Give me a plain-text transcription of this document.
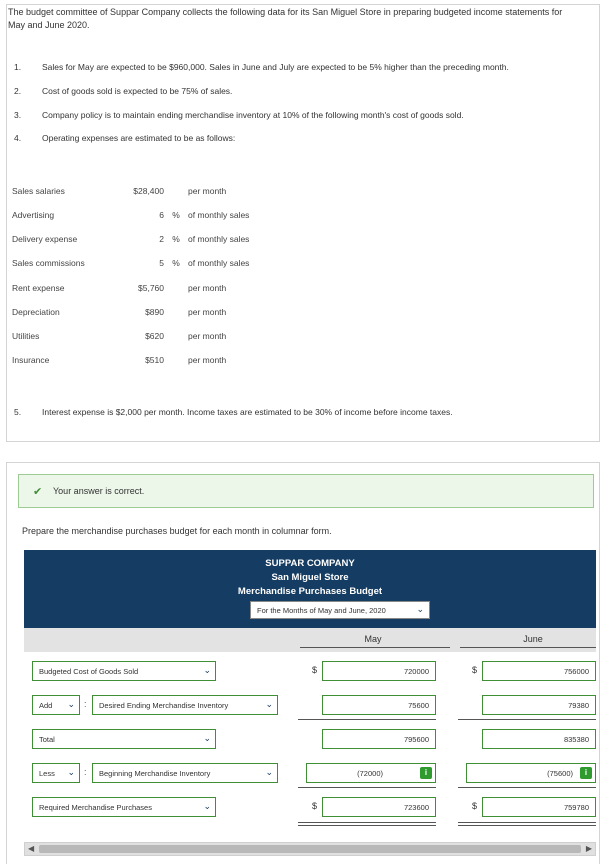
The budget committee of Suppar Company collects the following data for its San Miguel Store in preparing budgeted income statements for May and June 2020.
1.	Sales for May are expected to be $960,000. Sales in June and July are expected to be 5% higher than the preceding month.
2.	Cost of goods sold is expected to be 75% of sales.
3.	Company policy is to maintain ending merchandise inventory at 10% of the following month's cost of goods sold.
4.	Operating expenses are estimated to be as follows:
Sales salaries	$28,400	per month
Advertising	6 % of monthly sales
Delivery expense	2 % of monthly sales
Sales commissions	5 % of monthly sales
Rent expense	$5,760	per month
Depreciation	$890	per month
Utilities	$620	per month
Insurance	$510	per month
5.	Interest expense is $2,000 per month. Income taxes are estimated to be 30% of income before income taxes.
✔ Your answer is correct.
Prepare the merchandise purchases budget for each month in columnar form.
SUPPAR COMPANY
San Miguel Store
Merchandise Purchases Budget
For the Months of May and June, 2020	⌄
May	June
Budgeted Cost of Goods Sold	⌄	$	720000	$	756000
Add ⌄ :	Desired Ending Merchandise Inventory	⌄	75600	79380
Total	⌄	795600	835380
Less ⌄ :	Beginning Merchandise Inventory	⌄	(72000)	i	(75600)	i
Required Merchandise Purchases	⌄	$	723600	$	759780
◀	▶
